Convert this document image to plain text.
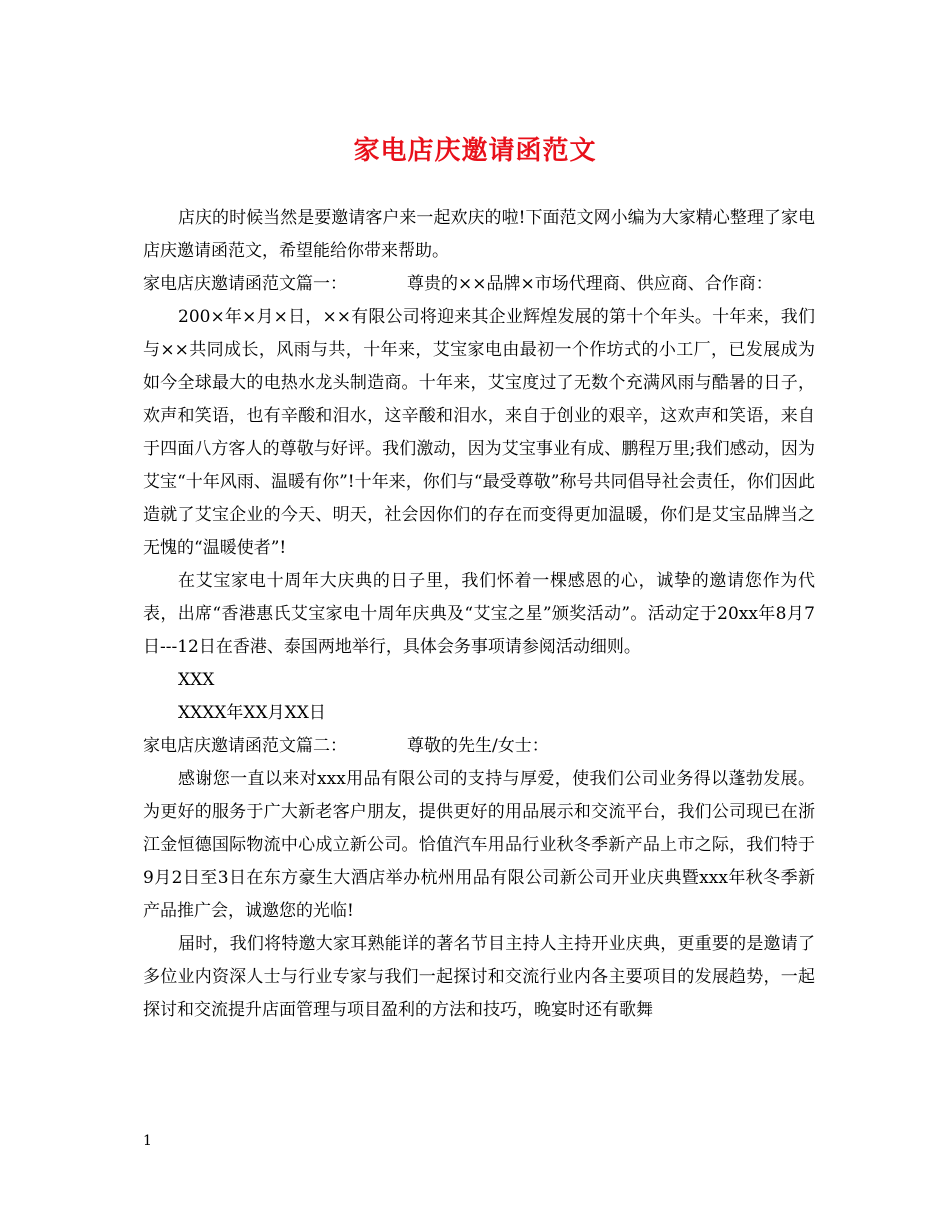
家电店庆邀请函范文

店庆的时候当然是要邀请客户来一起欢庆的啦!下面范文网小编为大家精心整理了家电店庆邀请函范文，希望能给你带来帮助。

家电店庆邀请函范文篇一：	尊贵的××品牌×市场代理商、供应商、合作商：

200×年×月×日，××有限公司将迎来其企业辉煌发展的第十个年头。十年来，我们与××共同成长，风雨与共，十年来，艾宝家电由最初一个作坊式的小工厂，已发展成为如今全球最大的电热水龙头制造商。十年来，艾宝度过了无数个充满风雨与酷暑的日子，欢声和笑语，也有辛酸和泪水，这辛酸和泪水，来自于创业的艰辛，这欢声和笑语，来自于四面八方客人的尊敬与好评。我们激动，因为艾宝事业有成、鹏程万里;我们感动，因为艾宝“十年风雨、温暖有你”!十年来，你们与“最受尊敬”称号共同倡导社会责任，你们因此造就了艾宝企业的今天、明天，社会因你们的存在而变得更加温暖，你们是艾宝品牌当之无愧的“温暖使者”!

在艾宝家电十周年大庆典的日子里，我们怀着一棵感恩的心，诚挚的邀请您作为代表，出席“香港惠氏艾宝家电十周年庆典及“艾宝之星”颁奖活动”。活动定于20xx年8月7日---12日在香港、泰国两地举行，具体会务事项请参阅活动细则。

XXX

XXXX年XX月XX日

家电店庆邀请函范文篇二：	尊敬的先生/女士：

感谢您一直以来对xxx用品有限公司的支持与厚爱，使我们公司业务得以蓬勃发展。为更好的服务于广大新老客户朋友，提供更好的用品展示和交流平台，我们公司现已在浙江金恒德国际物流中心成立新公司。恰值汽车用品行业秋冬季新产品上市之际，我们特于9月2日至3日在东方豪生大酒店举办杭州用品有限公司新公司开业庆典暨xxx年秋冬季新产品推广会，诚邀您的光临!

届时，我们将特邀大家耳熟能详的著名节目主持人主持开业庆典，更重要的是邀请了多位业内资深人士与行业专家与我们一起探讨和交流行业内各主要项目的发展趋势，一起探讨和交流提升店面管理与项目盈利的方法和技巧，晚宴时还有歌舞

1
